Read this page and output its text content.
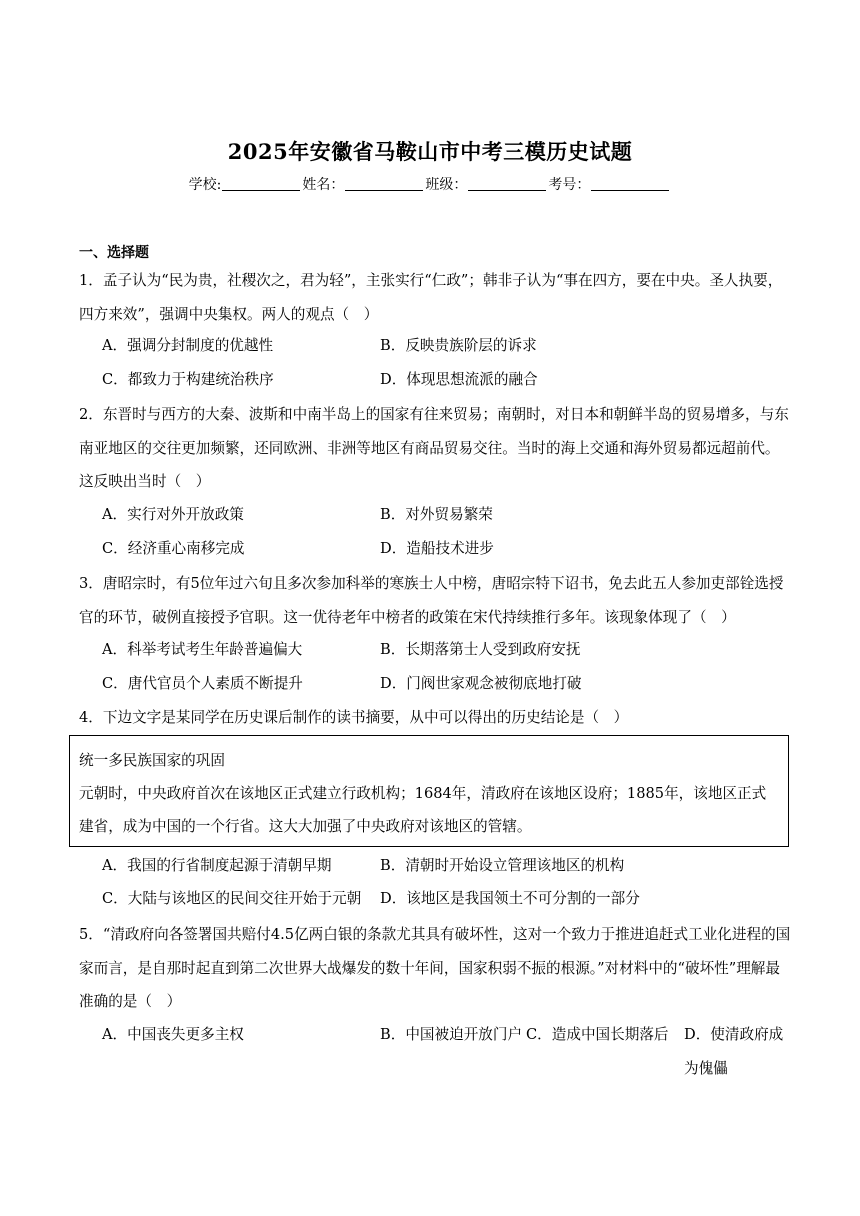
2025年安徽省马鞍山市中考三模历史试题
学校:	姓名：	班级：	考号：
一、选择题
1．孟子认为“民为贵，社稷次之，君为轻”，主张实行“仁政”；韩非子认为“事在四方，要在中央。圣人执要，四方来效”，强调中央集权。两人的观点（　）
A．强调分封制度的优越性	B．反映贵族阶层的诉求
C．都致力于构建统治秩序	D．体现思想流派的融合
2．东晋时与西方的大秦、波斯和中南半岛上的国家有往来贸易；南朝时，对日本和朝鲜半岛的贸易增多，与东南亚地区的交往更加频繁，还同欧洲、非洲等地区有商品贸易交往。当时的海上交通和海外贸易都远超前代。这反映出当时（　）
A．实行对外开放政策	B．对外贸易繁荣
C．经济重心南移完成	D．造船技术进步
3．唐昭宗时，有5位年过六旬且多次参加科举的寒族士人中榜，唐昭宗特下诏书，免去此五人参加吏部铨选授官的环节，破例直接授予官职。这一优待老年中榜者的政策在宋代持续推行多年。该现象体现了（　）
A．科举考试考生年龄普遍偏大	B．长期落第士人受到政府安抚
C．唐代官员个人素质不断提升	D．门阀世家观念被彻底地打破
4．下边文字是某同学在历史课后制作的读书摘要，从中可以得出的历史结论是（　）

统一多民族国家的巩固

元朝时，中央政府首次在该地区正式建立行政机构；1684年，清政府在该地区设府；1885年，该地区正式建省，成为中国的一个行省。这大大加强了中央政府对该地区的管辖。

A．我国的行省制度起源于清朝早期	B．清朝时开始设立管理该地区的机构
C．大陆与该地区的民间交往开始于元朝 D．该地区是我国领土不可分割的一部分
5．“清政府向各签署国共赔付4.5亿两白银的条款尤其具有破坏性，这对一个致力于推进追赶式工业化进程的国家而言，是自那时起直到第二次世界大战爆发的数十年间，国家积弱不振的根源。”对材料中的“破坏性”理解最准确的是（　）
A．中国丧失更多主权	B．中国被迫开放门户 C．造成中国长期落后 D．使清政府成为傀儡
